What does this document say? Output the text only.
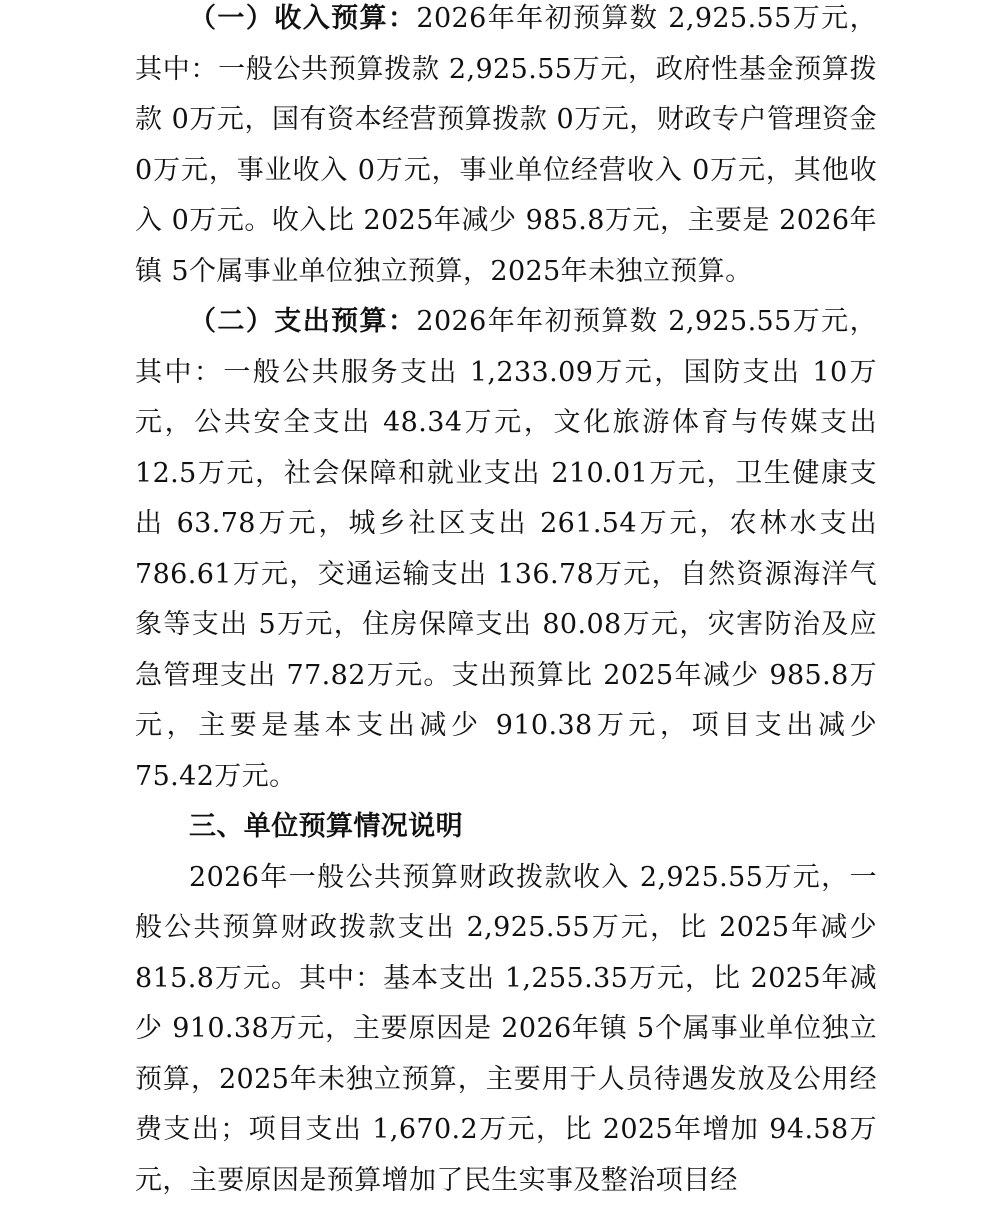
（一）收入预算：2026年年初预算数 2,925.55万元，其中：一般公共预算拨款 2,925.55万元，政府性基金预算拨款 0万元，国有资本经营预算拨款 0万元，财政专户管理资金 0万元，事业收入 0万元，事业单位经营收入 0万元，其他收入 0万元。收入比 2025年减少 985.8万元，主要是 2026年镇 5个属事业单位独立预算，2025年未独立预算。

（二）支出预算：2026年年初预算数 2,925.55万元，其中：一般公共服务支出 1,233.09万元，国防支出 10万元，公共安全支出 48.34万元，文化旅游体育与传媒支出 12.5万元，社会保障和就业支出 210.01万元，卫生健康支出 63.78万元，城乡社区支出 261.54万元，农林水支出 786.61万元，交通运输支出 136.78万元，自然资源海洋气象等支出 5万元，住房保障支出 80.08万元，灾害防治及应急管理支出 77.82万元。支出预算比 2025年减少 985.8万元，主要是基本支出减少 910.38万元，项目支出减少 75.42万元。

三、单位预算情况说明

2026年一般公共预算财政拨款收入 2,925.55万元，一般公共预算财政拨款支出 2,925.55万元，比 2025年减少 815.8万元。其中：基本支出 1,255.35万元，比 2025年减少 910.38万元，主要原因是 2026年镇 5个属事业单位独立预算，2025年未独立预算，主要用于人员待遇发放及公用经费支出；项目支出 1,670.2万元，比 2025年增加 94.58万元，主要原因是预算增加了民生实事及整治项目经
